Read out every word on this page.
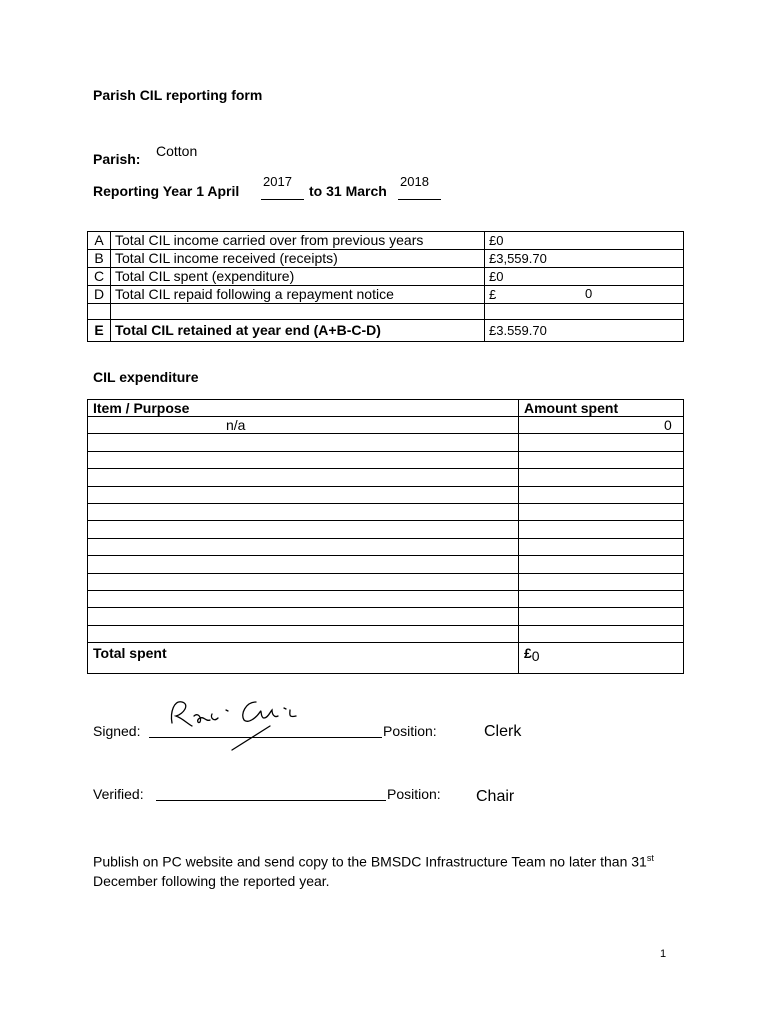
Parish CIL reporting form
Parish: Cotton
Reporting Year 1 April
2017
to 31 March
2018
A	Total CIL income carried over from previous years	£0
B	Total CIL income received (receipts)	£3,559.70
C	Total CIL spent (expenditure)	£0
D	Total CIL repaid following a repayment notice	£ 0

E	Total CIL retained at year end (A+B-C-D)	£3.559.70
CIL expenditure
Item / Purpose	Amount spent
n/a	0

Total spent	£0
Signed:	Position:	Clerk
Verified:	Position: Chair
Publish on PC website and send copy to the BMSDC Infrastructure Team no later than 31st December following the reported year.
1
